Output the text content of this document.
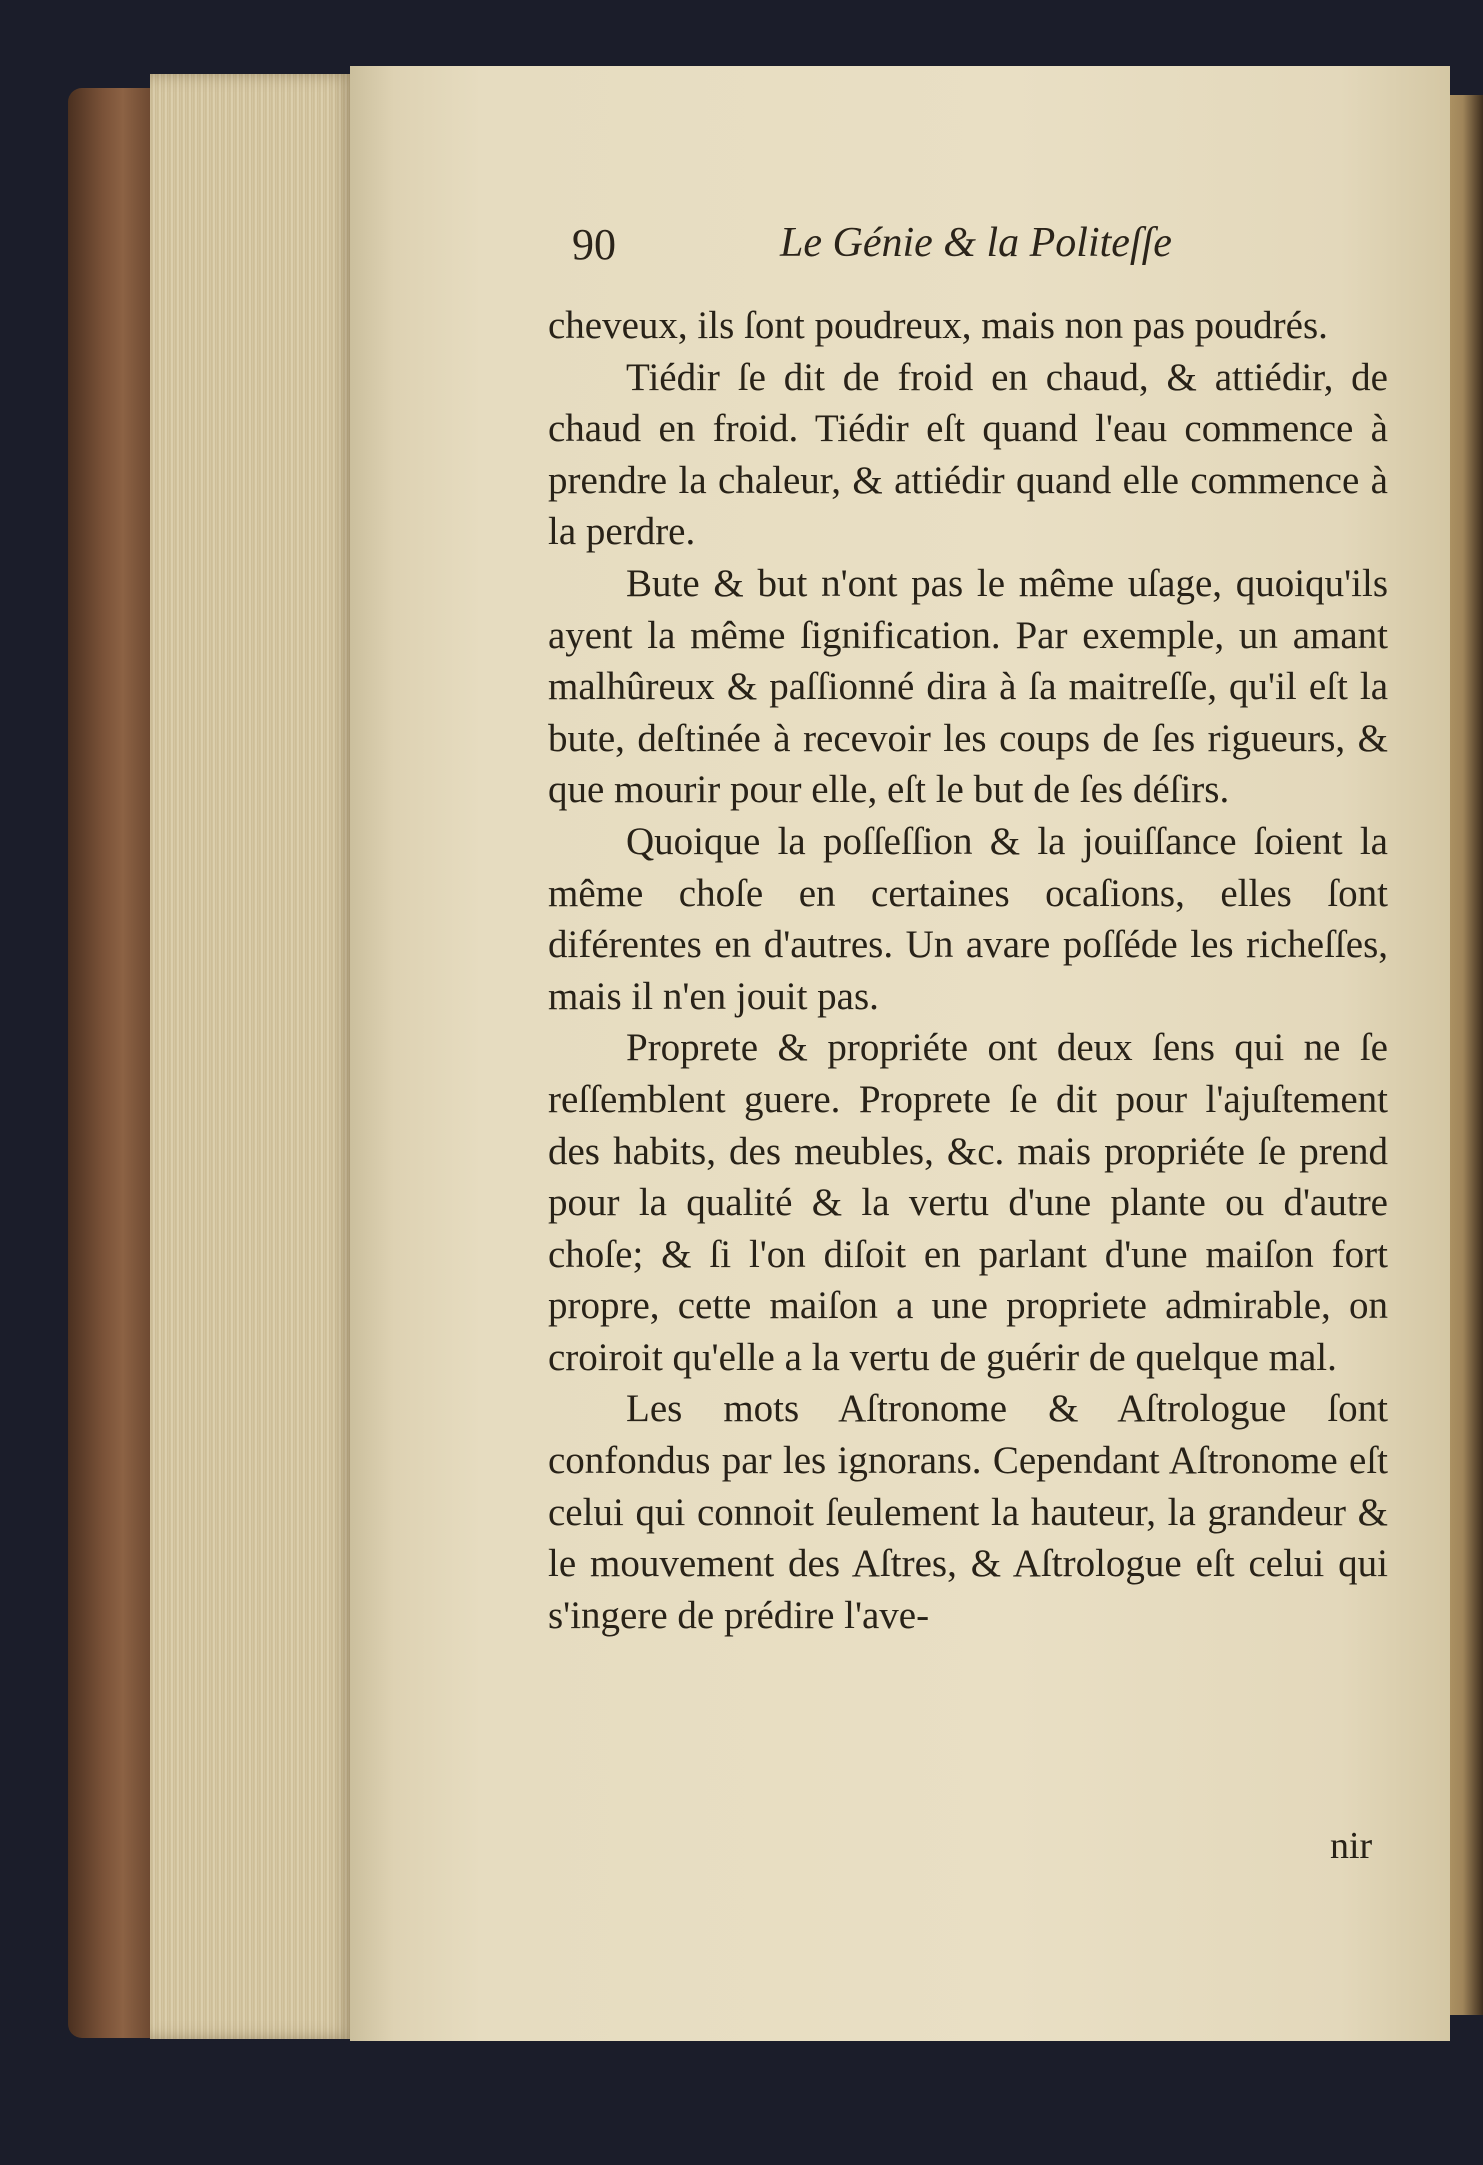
90	Le Génie & la Politeſſe

cheveux, ils ſont poudreux, mais non pas poudrés.

Tiédir ſe dit de froid en chaud, & attiédir, de chaud en froid. Tiédir eſt quand l'eau commence à prendre la chaleur, & attiédir quand elle commence à la perdre.

Bute & but n'ont pas le même uſage, quoiqu'ils ayent la même ſignification. Par exemple, un amant malhûreux & paſſionné dira à ſa maitreſſe, qu'il eſt la bute, deſtinée à recevoir les coups de ſes rigueurs, & que mourir pour elle, eſt le but de ſes déſirs.

Quoique la poſſeſſion & la jouiſſance ſoient la même choſe en certaines ocaſions, elles ſont diférentes en d'autres. Un avare poſſéde les richeſſes, mais il n'en jouit pas.

Proprete & propriéte ont deux ſens qui ne ſe reſſemblent guere. Proprete ſe dit pour l'ajuſtement des habits, des meubles, &c. mais propriéte ſe prend pour la qualité & la vertu d'une plante ou d'autre choſe; & ſi l'on diſoit en parlant d'une maiſon fort propre, cette maiſon a une propriete admirable, on croiroit qu'elle a la vertu de guérir de quelque mal.

Les mots Aſtronome & Aſtrologue ſont confondus par les ignorans. Cependant Aſtronome eſt celui qui connoit ſeulement la hauteur, la grandeur & le mouvement des Aſtres, & Aſtrologue eſt celui qui s'ingere de prédire l'ave-

nir
